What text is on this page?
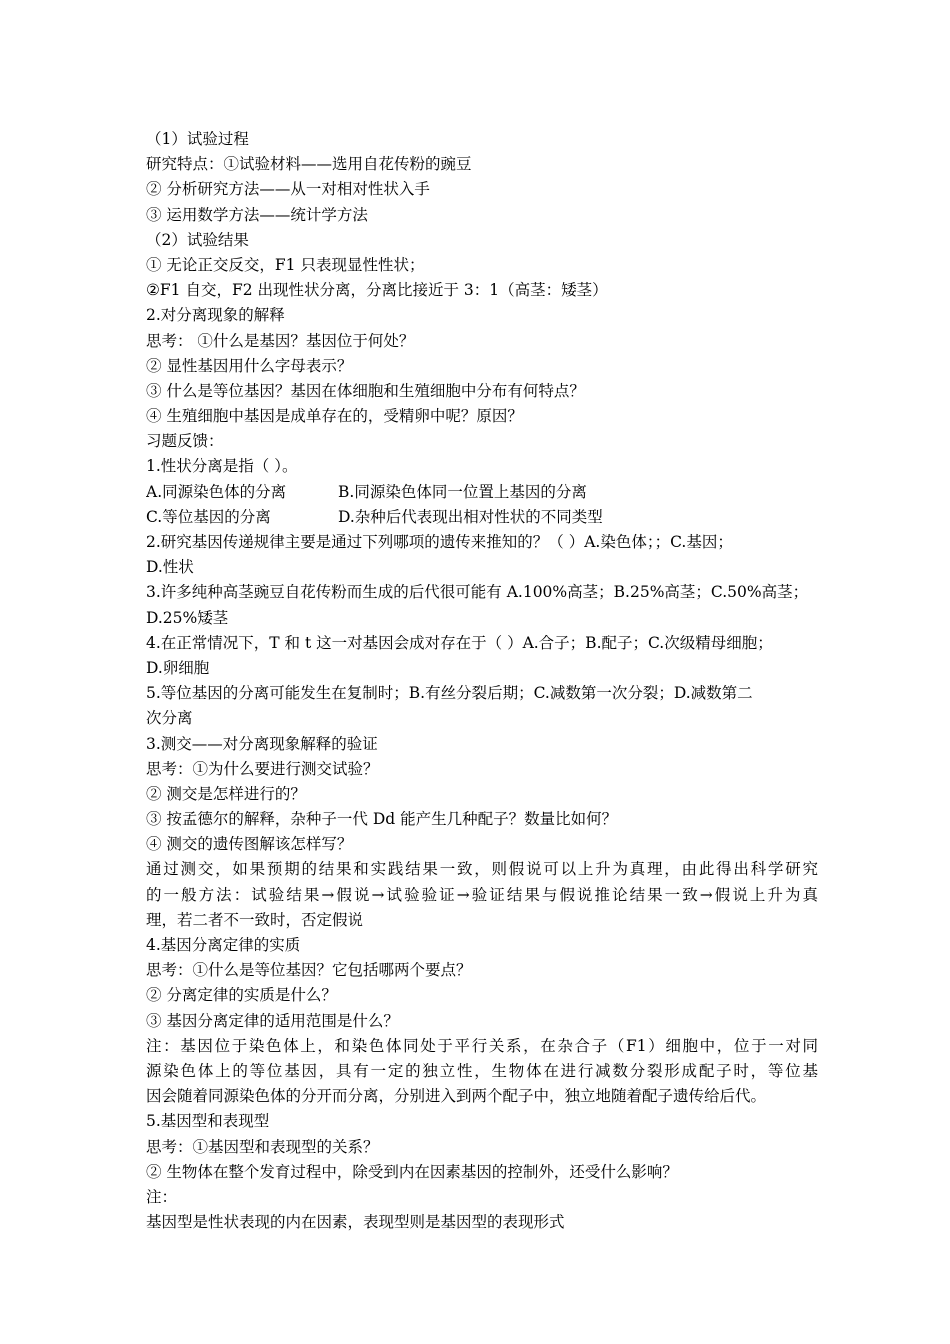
（1）试验过程
研究特点：①试验材料——选用自花传粉的豌豆
② 分析研究方法——从一对相对性状入手
③ 运用数学方法——统计学方法
（2）试验结果
① 无论正交反交，F1 只表现显性性状；
②F1 自交，F2 出现性状分离，分离比接近于 3：1（高茎：矮茎）
2.对分离现象的解释
思考： ①什么是基因？基因位于何处？
② 显性基因用什么字母表示？
③ 什么是等位基因？基因在体细胞和生殖细胞中分布有何特点？
④ 生殖细胞中基因是成单存在的，受精卵中呢？原因？
习题反馈：
1.性状分离是指（ ）。
A.同源染色体的分离	B.同源染色体同一位置上基因的分离
C.等位基因的分离	D.杂种后代表现出相对性状的不同类型
2.研究基因传递规律主要是通过下列哪项的遗传来推知的？（ ）A.染色体；；C.基因；
D.性状
3.许多纯种高茎豌豆自花传粉而生成的后代很可能有 A.100%高茎；B.25%高茎；C.50%高茎；
D.25%矮茎
4.在正常情况下，T 和 t 这一对基因会成对存在于（ ）A.合子；B.配子；C.次级精母细胞；
D.卵细胞
5.等位基因的分离可能发生在复制时；B.有丝分裂后期；C.减数第一次分裂；D.减数第二
次分离
3.测交——对分离现象解释的验证
思考：①为什么要进行测交试验？
② 测交是怎样进行的？
③ 按孟德尔的解释，杂种子一代 Dd 能产生几种配子？数量比如何？
④ 测交的遗传图解该怎样写？
通过测交，如果预期的结果和实践结果一致，则假说可以上升为真理，由此得出科学研究
的一般方法：试验结果→假说→试验验证→验证结果与假说推论结果一致→假说上升为真
理，若二者不一致时，否定假说
4.基因分离定律的实质
思考：①什么是等位基因？它包括哪两个要点？
② 分离定律的实质是什么？
③ 基因分离定律的适用范围是什么？
注：基因位于染色体上，和染色体同处于平行关系，在杂合子（F1）细胞中，位于一对同
源染色体上的等位基因，具有一定的独立性，生物体在进行减数分裂形成配子时，等位基
因会随着同源染色体的分开而分离，分别进入到两个配子中，独立地随着配子遗传给后代。
5.基因型和表现型
思考：①基因型和表现型的关系？
② 生物体在整个发育过程中，除受到内在因素基因的控制外，还受什么影响？
注：
基因型是性状表现的内在因素，表现型则是基因型的表现形式
